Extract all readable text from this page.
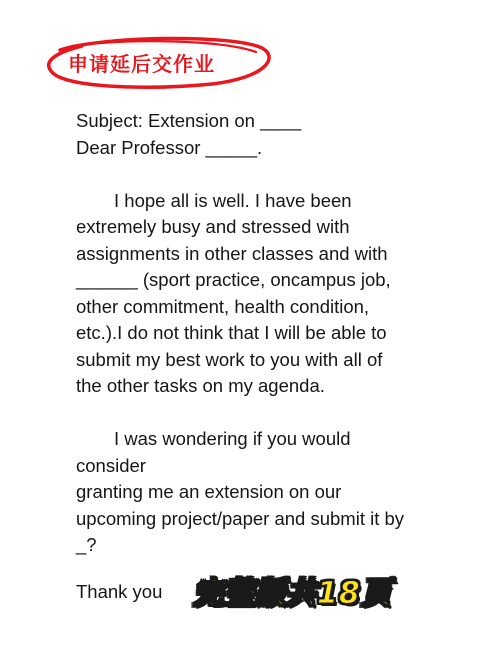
申请延后交作业
Subject: Extension on ____
Dear Professor _____.
I hope all is well. I have been
extremely busy and stressed with
assignments in other classes and with
______ (sport practice, oncampus job,
other commitment, health condition,
etc.).I do not think that I will be able to
submit my best work to you with all of
the other tasks on my agenda.
I was wondering if you would
consider
granting me an extension on our
upcoming project/paper and submit it by
_?
Thank you 完整版共18页
